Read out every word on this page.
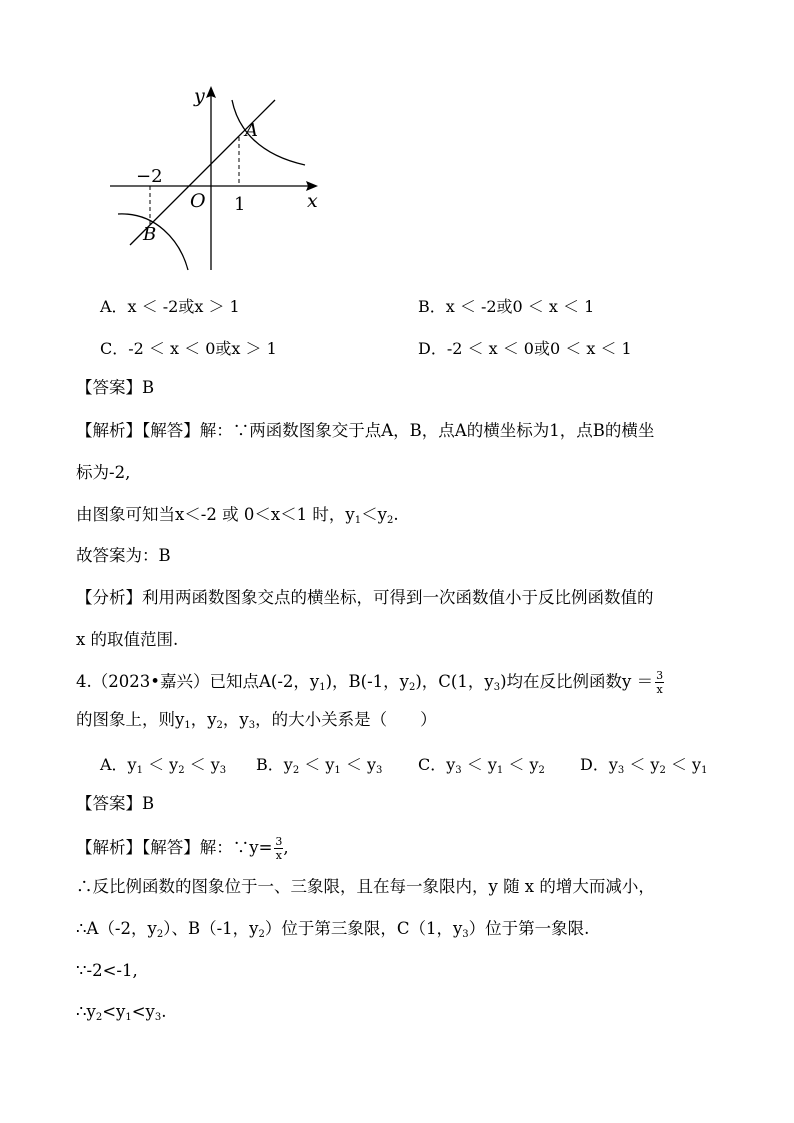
y
x
O
A
B
−2
1
A．x ＜ -2或x ＞ 1	B．x ＜ -2或0 ＜ x ＜ 1
C．-2 ＜ x ＜ 0或x ＞ 1	D．-2 ＜ x ＜ 0或0 ＜ x ＜ 1
【答案】B
【解析】【解答】解：∵两函数图象交于点A，B，点A的横坐标为1，点B的横坐
标为-2,
由图象可知当x＜-2 或 0＜x＜1 时，$y_1<y_2$.
故答案为：B
【分析】利用两函数图象交点的横坐标，可得到一次函数值小于反比例函数值的
x 的取值范围.
4.（2023•嘉兴）已知点A(-2，$y_1$)，B(-1，$y_2$)，C(1，$y_3$)均在反比例函数$y = \frac{3}{x}$
的图象上，则$y_1$，$y_2$，$y_3$，的大小关系是（　　）
A．$y_1 < y_2 < y_3$ B．$y_2 < y_1 < y_3$ C．$y_3 < y_1 < y_2$ D．$y_3 < y_2 < y_1$
【答案】B
【解析】【解答】解：∵y= $\frac{3}{x}$ ,
∴反比例函数的图象位于一、三象限，且在每一象限内，y 随 x 的增大而减小，
∴A（-2，$y_2$）、B（-1，$y_2$）位于第三象限，C（1，$y_3$）位于第一象限.
∵-2<-1,
$\therefore y_2<y_1<y_3$.
